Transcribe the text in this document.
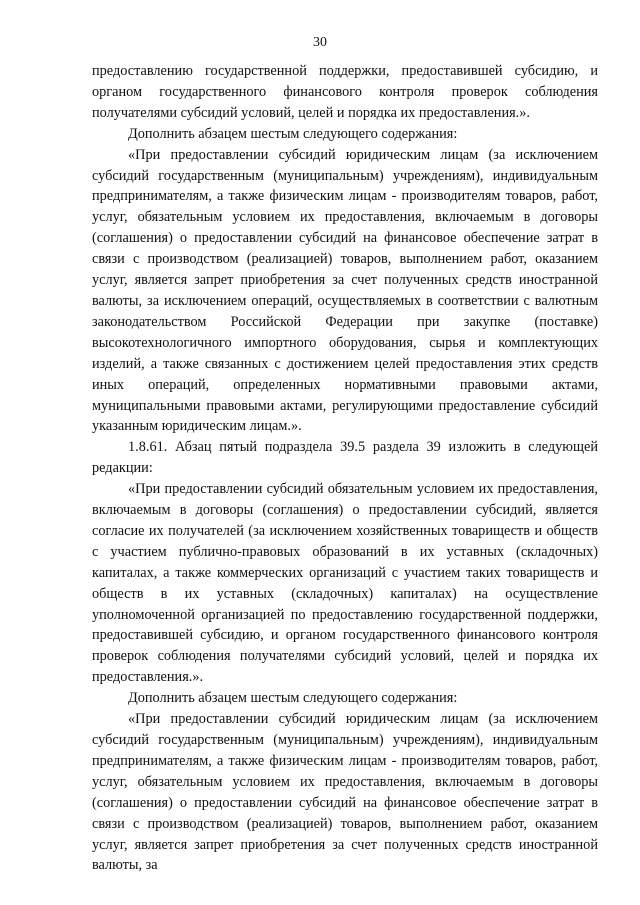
30

предоставлению государственной поддержки, предоставившей субсидию, и органом государственного финансового контроля проверок соблюдения получателями субсидий условий, целей и порядка их предоставления.».

Дополнить абзацем шестым следующего содержания:

«При предоставлении субсидий юридическим лицам (за исключением субсидий государственным (муниципальным) учреждениям), индивидуальным предпринимателям, а также физическим лицам - производителям товаров, работ, услуг, обязательным условием их предоставления, включаемым в договоры (соглашения) о предоставлении субсидий на финансовое обеспечение затрат в связи с производством (реализацией) товаров, выполнением работ, оказанием услуг, является запрет приобретения за счет полученных средств иностранной валюты, за исключением операций, осуществляемых в соответствии с валютным законодательством Российской Федерации при закупке (поставке) высокотехнологичного импортного оборудования, сырья и комплектующих изделий, а также связанных с достижением целей предоставления этих средств иных операций, определенных нормативными правовыми актами, муниципальными правовыми актами, регулирующими предоставление субсидий указанным юридическим лицам.».

1.8.61. Абзац пятый подраздела 39.5 раздела 39 изложить в следующей редакции:

«При предоставлении субсидий обязательным условием их предоставления, включаемым в договоры (соглашения) о предоставлении субсидий, является согласие их получателей (за исключением хозяйственных товариществ и обществ с участием публично-правовых образований в их уставных (складочных) капиталах, а также коммерческих организаций с участием таких товариществ и обществ в их уставных (складочных) капиталах) на осуществление уполномоченной организацией по предоставлению государственной поддержки, предоставившей субсидию, и органом государственного финансового контроля проверок соблюдения получателями субсидий условий, целей и порядка их предоставления.».

Дополнить абзацем шестым следующего содержания:

«При предоставлении субсидий юридическим лицам (за исключением субсидий государственным (муниципальным) учреждениям), индивидуальным предпринимателям, а также физическим лицам - производителям товаров, работ, услуг, обязательным условием их предоставления, включаемым в договоры (соглашения) о предоставлении субсидий на финансовое обеспечение затрат в связи с производством (реализацией) товаров, выполнением работ, оказанием услуг, является запрет приобретения за счет полученных средств иностранной валюты, за
